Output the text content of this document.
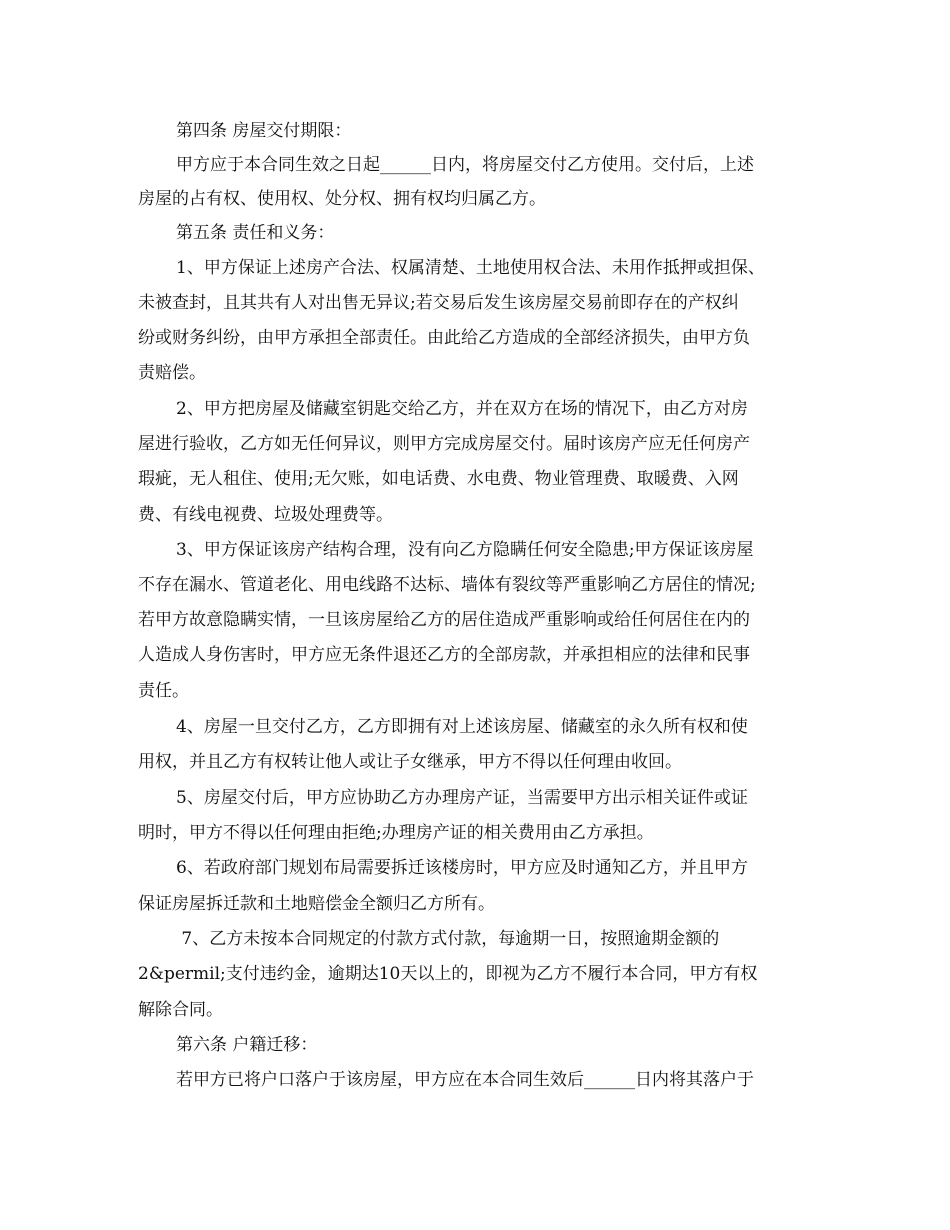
第四条 房屋交付期限：

甲方应于本合同生效之日起______日内，将房屋交付乙方使用。交付后，上述

房屋的占有权、使用权、处分权、拥有权均归属乙方。

第五条 责任和义务：

1、甲方保证上述房产合法、权属清楚、土地使用权合法、未用作抵押或担保、

未被查封，且其共有人对出售无异议;若交易后发生该房屋交易前即存在的产权纠

纷或财务纠纷，由甲方承担全部责任。由此给乙方造成的全部经济损失，由甲方负

责赔偿。

2、甲方把房屋及储藏室钥匙交给乙方，并在双方在场的情况下，由乙方对房

屋进行验收，乙方如无任何异议，则甲方完成房屋交付。届时该房产应无任何房产

瑕疵，无人租住、使用;无欠账，如电话费、水电费、物业管理费、取暖费、入网

费、有线电视费、垃圾处理费等。

3、甲方保证该房产结构合理，没有向乙方隐瞒任何安全隐患;甲方保证该房屋

不存在漏水、管道老化、用电线路不达标、墙体有裂纹等严重影响乙方居住的情况;

若甲方故意隐瞒实情，一旦该房屋给乙方的居住造成严重影响或给任何居住在内的

人造成人身伤害时，甲方应无条件退还乙方的全部房款，并承担相应的法律和民事

责任。

4、房屋一旦交付乙方，乙方即拥有对上述该房屋、储藏室的永久所有权和使

用权，并且乙方有权转让他人或让子女继承，甲方不得以任何理由收回。

5、房屋交付后，甲方应协助乙方办理房产证，当需要甲方出示相关证件或证

明时，甲方不得以任何理由拒绝;办理房产证的相关费用由乙方承担。

6、若政府部门规划布局需要拆迁该楼房时，甲方应及时通知乙方，并且甲方

保证房屋拆迁款和土地赔偿金全额归乙方所有。

7、乙方未按本合同规定的付款方式付款，每逾期一日，按照逾期金额的

2&permil;支付违约金，逾期达10天以上的，即视为乙方不履行本合同，甲方有权

解除合同。

第六条 户籍迁移：

若甲方已将户口落户于该房屋，甲方应在本合同生效后______日内将其落户于
